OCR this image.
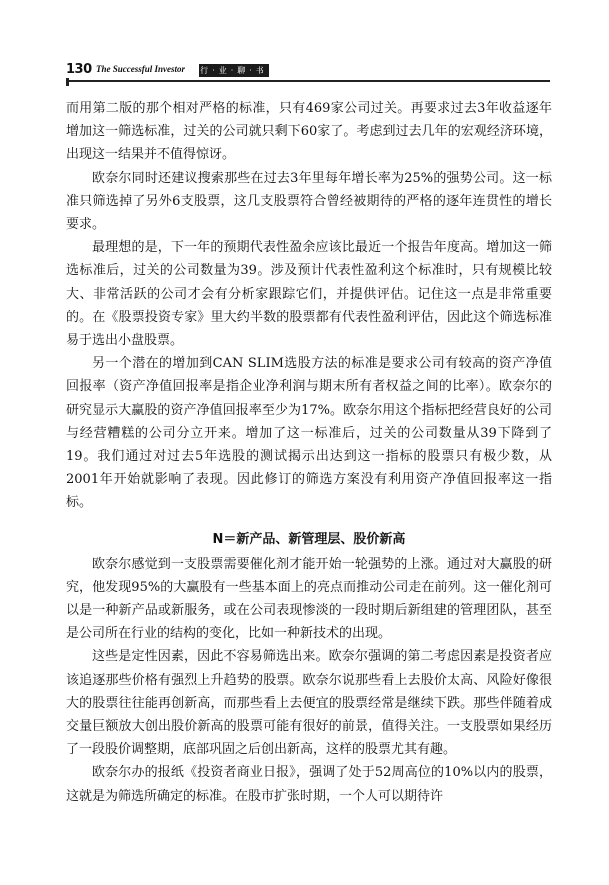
130 The Successful Investor 行·业·聊·书

而用第二版的那个相对严格的标准，只有469家公司过关。再要求过去3年收益逐年增加这一筛选标准，过关的公司就只剩下60家了。考虑到过去几年的宏观经济环境，出现这一结果并不值得惊讶。

欧奈尔同时还建议搜索那些在过去3年里每年增长率为25%的强势公司。这一标准只筛选掉了另外6支股票，这几支股票符合曾经被期待的严格的逐年连贯性的增长要求。

最理想的是，下一年的预期代表性盈余应该比最近一个报告年度高。增加这一筛选标准后，过关的公司数量为39。涉及预计代表性盈利这个标准时，只有规模比较大、非常活跃的公司才会有分析家跟踪它们，并提供评估。记住这一点是非常重要的。在《股票投资专家》里大约半数的股票都有代表性盈利评估，因此这个筛选标准易于选出小盘股票。

另一个潜在的增加到CAN SLIM选股方法的标准是要求公司有较高的资产净值回报率（资产净值回报率是指企业净利润与期末所有者权益之间的比率）。欧奈尔的研究显示大赢股的资产净值回报率至少为17%。欧奈尔用这个指标把经营良好的公司与经营糟糕的公司分立开来。增加了这一标准后，过关的公司数量从39下降到了19。我们通过对过去5年选股的测试揭示出达到这一指标的股票只有极少数，从2001年开始就影响了表现。因此修订的筛选方案没有利用资产净值回报率这一指标。

N＝新产品、新管理层、股价新高

欧奈尔感觉到一支股票需要催化剂才能开始一轮强势的上涨。通过对大赢股的研究，他发现95%的大赢股有一些基本面上的亮点而推动公司走在前列。这一催化剂可以是一种新产品或新服务，或在公司表现惨淡的一段时期后新组建的管理团队，甚至是公司所在行业的结构的变化，比如一种新技术的出现。

这些是定性因素，因此不容易筛选出来。欧奈尔强调的第二考虑因素是投资者应该追逐那些价格有强烈上升趋势的股票。欧奈尔说那些看上去股价太高、风险好像很大的股票往往能再创新高，而那些看上去便宜的股票经常是继续下跌。那些伴随着成交量巨额放大创出股价新高的股票可能有很好的前景，值得关注。一支股票如果经历了一段股价调整期，底部巩固之后创出新高，这样的股票尤其有趣。

欧奈尔办的报纸《投资者商业日报》，强调了处于52周高位的10%以内的股票，这就是为筛选所确定的标准。在股市扩张时期，一个人可以期待许
